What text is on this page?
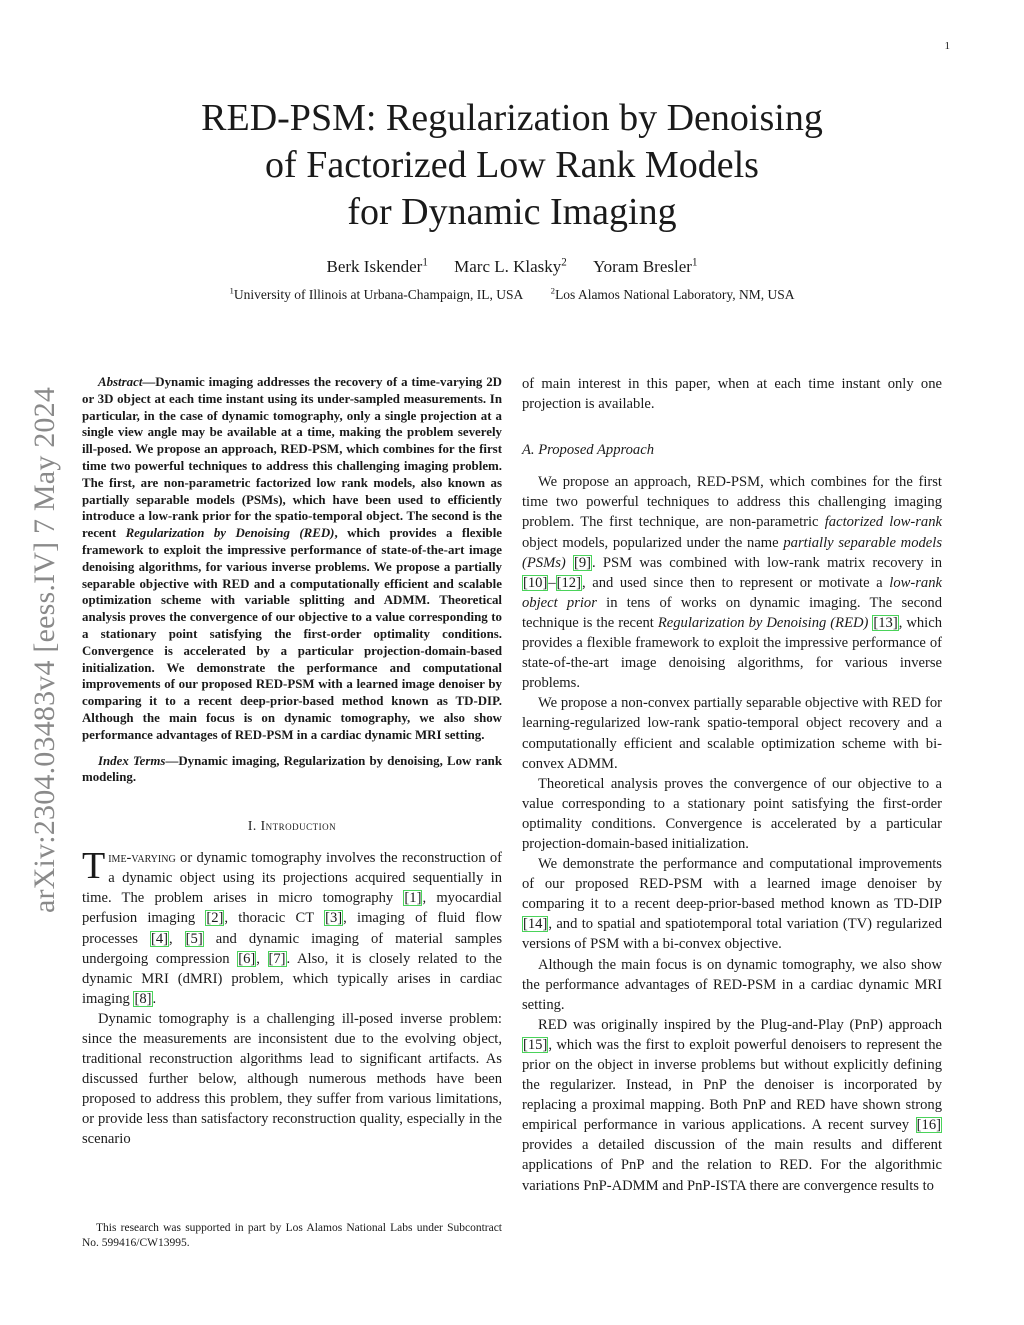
1
arXiv:2304.03483v4 [eess.IV] 7 May 2024
RED-PSM: Regularization by Denoising
of Factorized Low Rank Models
for Dynamic Imaging
Berk Iskender$^1$ Marc L. Klasky$^2$ Yoram Bresler$^1$
$^1$University of Illinois at Urbana-Champaign, IL, USA	$^2$Los Alamos National Laboratory, NM, USA
Abstract—Dynamic imaging addresses the recovery of a time-varying 2D or 3D object at each time instant using its under-sampled measurements. In particular, in the case of dynamic tomography, only a single projection at a single view angle may be available at a time, making the problem severely ill-posed. We propose an approach, RED-PSM, which combines for the first time two powerful techniques to address this challenging imaging problem. The first, are non-parametric factorized low rank models, also known as partially separable models (PSMs), which have been used to efficiently introduce a low-rank prior for the spatio-temporal object. The second is the recent Regularization by Denoising (RED), which provides a flexible framework to exploit the impressive performance of state-of-the-art image denoising algorithms, for various inverse problems. We propose a partially separable objective with RED and a computationally efficient and scalable optimization scheme with variable splitting and ADMM. Theoretical analysis proves the convergence of our objective to a value corresponding to a stationary point satisfying the first-order optimality conditions. Convergence is accelerated by a particular projection-domain-based initialization. We demonstrate the performance and computational improvements of our proposed RED-PSM with a learned image denoiser by comparing it to a recent deep-prior-based method known as TD-DIP. Although the main focus is on dynamic tomography, we also show performance advantages of RED-PSM in a cardiac dynamic MRI setting.
Index Terms—Dynamic imaging, Regularization by denoising, Low rank modeling.
I. Introduction

Time-varying or dynamic tomography involves the reconstruction of a dynamic object using its projections acquired sequentially in time. The problem arises in micro tomography [1], myocardial perfusion imaging [2], thoracic CT [3], imaging of fluid flow processes [4], [5] and dynamic imaging of material samples undergoing compression [6], [7]. Also, it is closely related to the dynamic MRI (dMRI) problem, which typically arises in cardiac imaging [8].

Dynamic tomography is a challenging ill-posed inverse problem: since the measurements are inconsistent due to the evolving object, traditional reconstruction algorithms lead to significant artifacts. As discussed further below, although numerous methods have been proposed to address this problem, they suffer from various limitations, or provide less than satisfactory reconstruction quality, especially in the scenario

This research was supported in part by Los Alamos National Labs under Subcontract No. 599416/CW13995.

of main interest in this paper, when at each time instant only one projection is available.

A. Proposed Approach

We propose an approach, RED-PSM, which combines for the first time two powerful techniques to address this challenging imaging problem. The first technique, are non-parametric factorized low-rank object models, popularized under the name partially separable models (PSMs) [9]. PSM was combined with low-rank matrix recovery in [10]–[12], and used since then to represent or motivate a low-rank object prior in tens of works on dynamic imaging. The second technique is the recent Regularization by Denoising (RED) [13], which provides a flexible framework to exploit the impressive performance of state-of-the-art image denoising algorithms, for various inverse problems.

We propose a non-convex partially separable objective with RED for learning-regularized low-rank spatio-temporal object recovery and a computationally efficient and scalable optimization scheme with bi-convex ADMM.

Theoretical analysis proves the convergence of our objective to a value corresponding to a stationary point satisfying the first-order optimality conditions. Convergence is accelerated by a particular projection-domain-based initialization.

We demonstrate the performance and computational improvements of our proposed RED-PSM with a learned image denoiser by comparing it to a recent deep-prior-based method known as TD-DIP [14], and to spatial and spatiotemporal total variation (TV) regularized versions of PSM with a bi-convex objective.

Although the main focus is on dynamic tomography, we also show the performance advantages of RED-PSM in a cardiac dynamic MRI setting.

RED was originally inspired by the Plug-and-Play (PnP) approach [15], which was the first to exploit powerful denoisers to represent the prior on the object in inverse problems but without explicitly defining the regularizer. Instead, in PnP the denoiser is incorporated by replacing a proximal mapping. Both PnP and RED have shown strong empirical performance in various applications. A recent survey [16] provides a detailed discussion of the main results and different applications of PnP and the relation to RED. For the algorithmic variations PnP-ADMM and PnP-ISTA there are convergence results to
